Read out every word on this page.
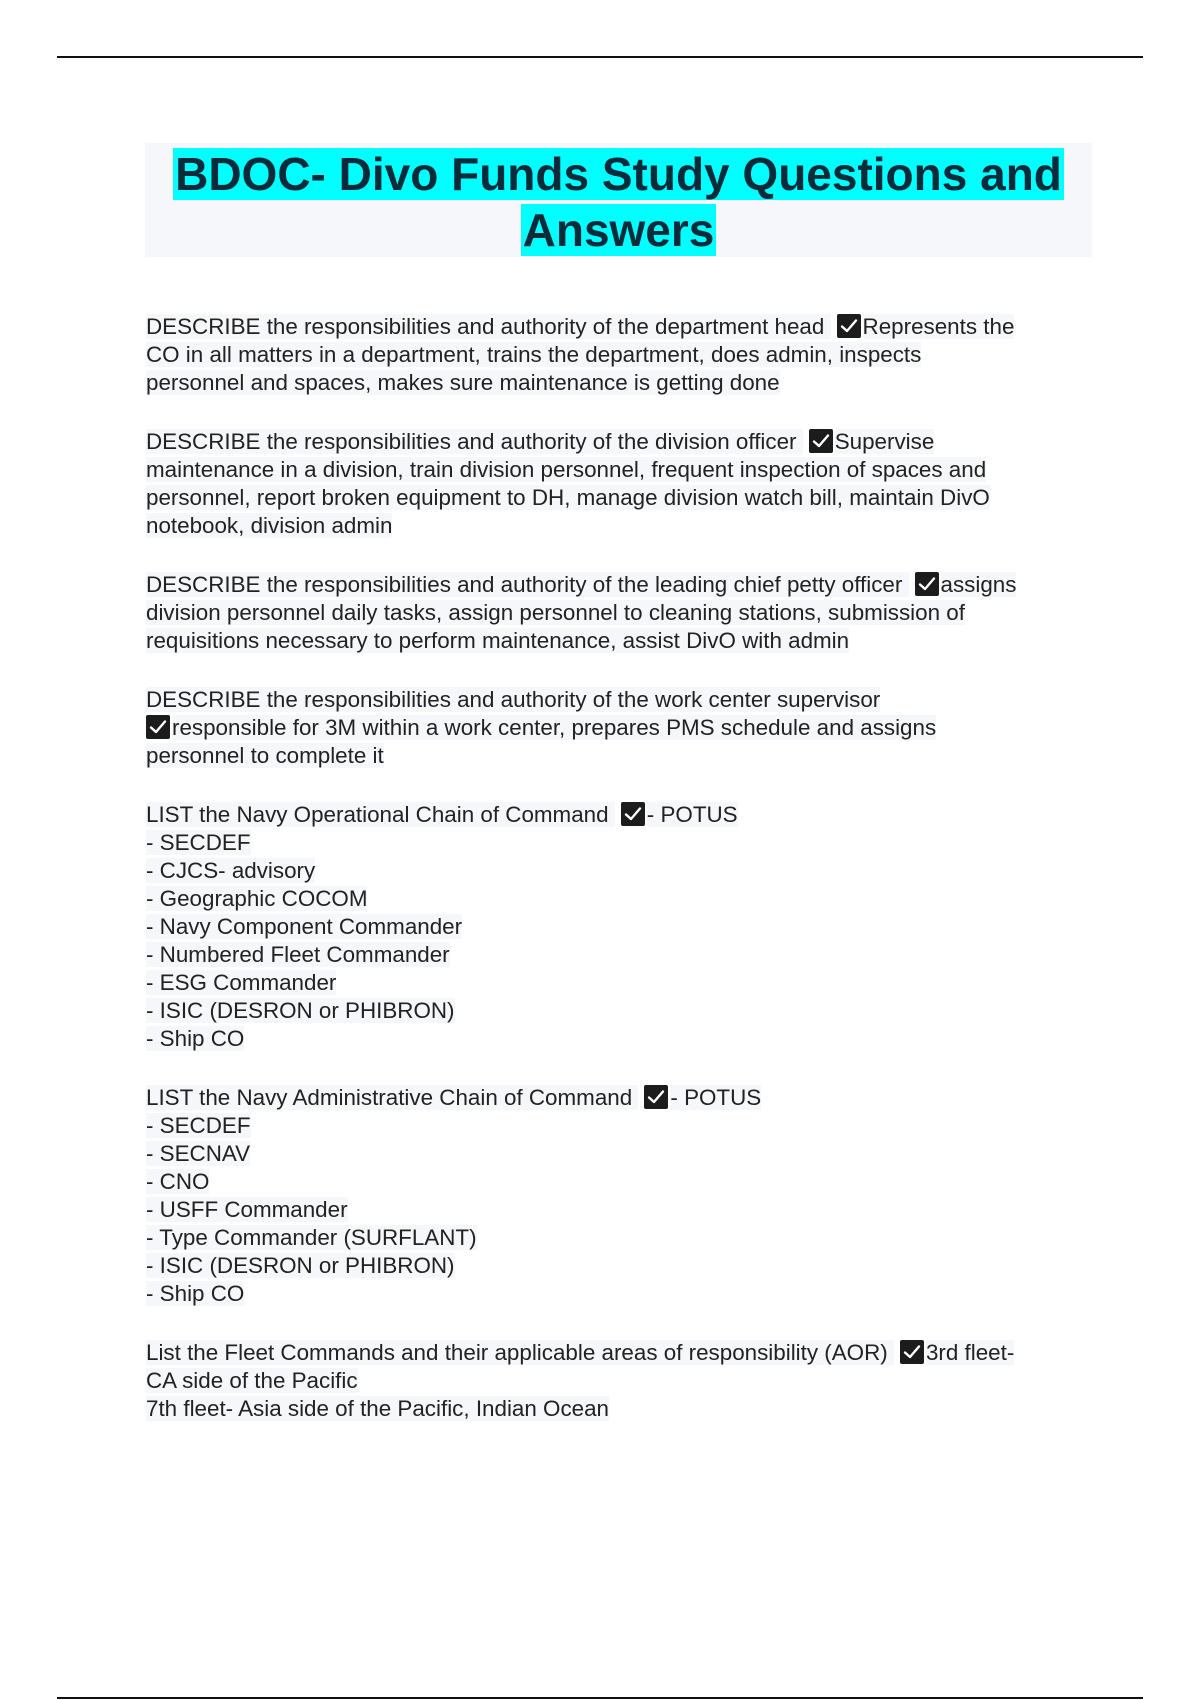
BDOC- Divo Funds Study Questions and
Answers
DESCRIBE the responsibilities and authority of the department head
Represents the
CO in all matters in a department, trains the department, does admin, inspects
personnel and spaces, makes sure maintenance is getting done
DESCRIBE the responsibilities and authority of the division officer
Supervise
maintenance in a division, train division personnel, frequent inspection of spaces and
personnel, report broken equipment to DH, manage division watch bill, maintain DivO
notebook, division admin
DESCRIBE the responsibilities and authority of the leading chief petty officer
assigns
division personnel daily tasks, assign personnel to cleaning stations, submission of
requisitions necessary to perform maintenance, assist DivO with admin
DESCRIBE the responsibilities and authority of the work center supervisor
responsible for 3M within a work center, prepares PMS schedule and assigns
personnel to complete it
LIST the Navy Operational Chain of Command
- POTUS
- SECDEF
- CJCS- advisory
- Geographic COCOM
- Navy Component Commander
- Numbered Fleet Commander
- ESG Commander
- ISIC (DESRON or PHIBRON)
- Ship CO
LIST the Navy Administrative Chain of Command
- POTUS
- SECDEF
- SECNAV
- CNO
- USFF Commander
- Type Commander (SURFLANT)
- ISIC (DESRON or PHIBRON)
- Ship CO
List the Fleet Commands and their applicable areas of responsibility (AOR)
3rd fleet-
CA side of the Pacific
7th fleet- Asia side of the Pacific, Indian Ocean
